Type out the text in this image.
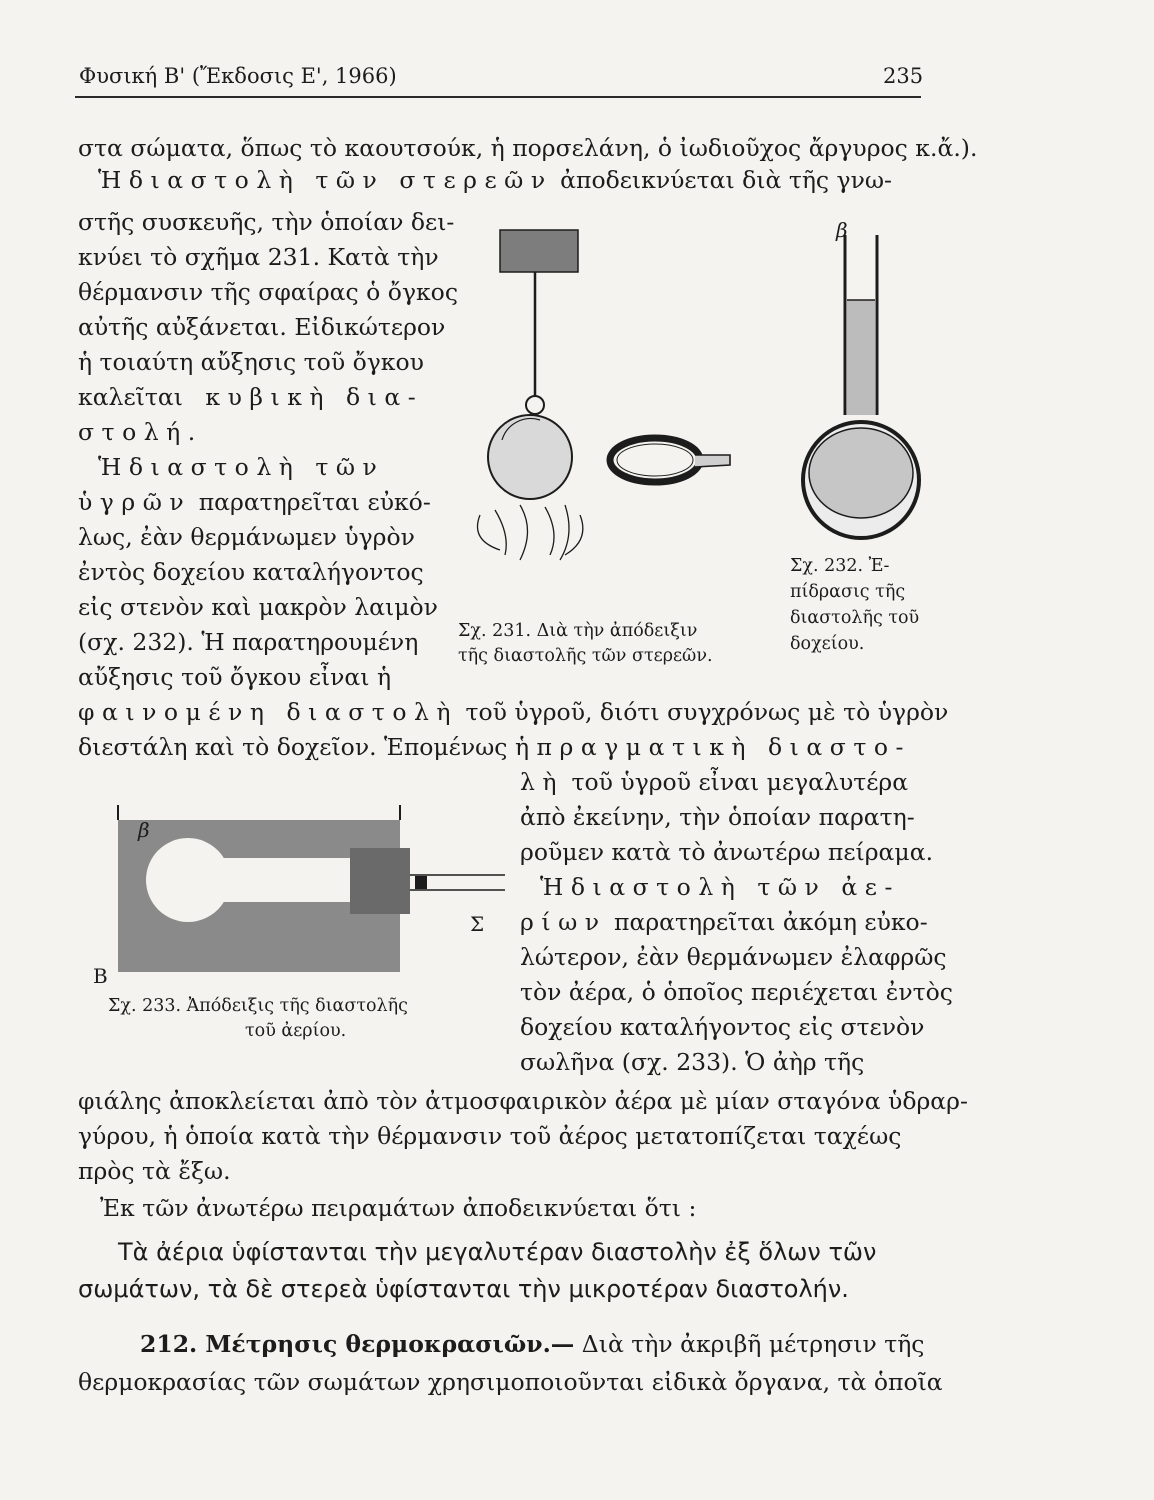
Φυσική Β' (Ἔκδοσις Ε', 1966)	235
στα σώματα, ὅπως τὸ καουτσούκ, ἡ πορσελάνη, ὁ ἰωδιοῦχος ἄργυρος κ.ἄ.).
Ἡ διαστολὴ τῶν στερεῶν ἀποδεικνύεται διὰ τῆς γνω-
στῆς συσκευῆς, τὴν ὁποίαν δει-
κνύει τὸ σχῆμα 231. Κατὰ τὴν
θέρμανσιν τῆς σφαίρας ὁ ὄγκος
αὐτῆς αὐξάνεται. Εἰδικώτερον
ἡ τοιαύτη αὔξησις τοῦ ὄγκου
καλεῖται κυβικὴ δια-
στολή.
Ἡ διαστολὴ τῶν
ὑγρῶν παρατηρεῖται εὐκό-
λως, ἐὰν θερμάνωμεν ὑγρὸν
ἐντὸς δοχείου καταλήγοντος
εἰς στενὸν καὶ μακρὸν λαιμὸν
(σχ. 232). Ἡ παρατηρουμένη
αὔξησις τοῦ ὄγκου εἶναι ἡ
φαινομένη διαστολὴ τοῦ ὑγροῦ, διότι συγχρόνως μὲ τὸ ὑγρὸν
διεστάλη καὶ τὸ δοχεῖον. Ἑπομένως ἡ πραγματικὴ διαστο-
λὴ τοῦ ὑγροῦ εἶναι μεγαλυτέρα
ἀπὸ ἐκείνην, τὴν ὁποίαν παρατη-
ροῦμεν κατὰ τὸ ἀνωτέρω πείραμα.
Ἡ διαστολὴ τῶν ἀε-
ρίων παρατηρεῖται ἀκόμη εὐκο-
λώτερον, ἐὰν θερμάνωμεν ἐλαφρῶς
τὸν ἀέρα, ὁ ὁποῖος περιέχεται ἐντὸς
δοχείου καταλήγοντος εἰς στενὸν
σωλῆνα (σχ. 233). Ὁ ἀὴρ τῆς
φιάλης ἀποκλείεται ἀπὸ τὸν ἀτμοσφαιρικὸν ἀέρα μὲ μίαν σταγόνα ὑδραρ-
γύρου, ἡ ὁποία κατὰ τὴν θέρμανσιν τοῦ ἀέρος μετατοπίζεται ταχέως
πρὸς τὰ ἔξω.
Ἐκ τῶν ἀνωτέρω πειραμάτων ἀποδεικνύεται ὅτι :
Τὰ ἀέρια ὑφίστανται τὴν μεγαλυτέραν διαστολὴν ἐξ ὅλων τῶν
σωμάτων, τὰ δὲ στερεὰ ὑφίστανται τὴν μικροτέραν διαστολήν.
212. Μέτρησις θερμοκρασιῶν.— Διὰ τὴν ἀκριβῆ μέτρησιν τῆς
θερμοκρασίας τῶν σωμάτων χρησιμοποιοῦνται εἰδικὰ ὄργανα, τὰ ὁποῖα
β
β
Β
Σ
Σχ. 231. Διὰ τὴν ἀπόδειξιν
τῆς διαστολῆς τῶν στερεῶν.
Σχ. 232. Ἐ-
πίδρασις τῆς
διαστολῆς τοῦ
δοχείου.
Σχ. 233. Ἀπόδειξις τῆς διαστολῆς
τοῦ ἀερίου.
